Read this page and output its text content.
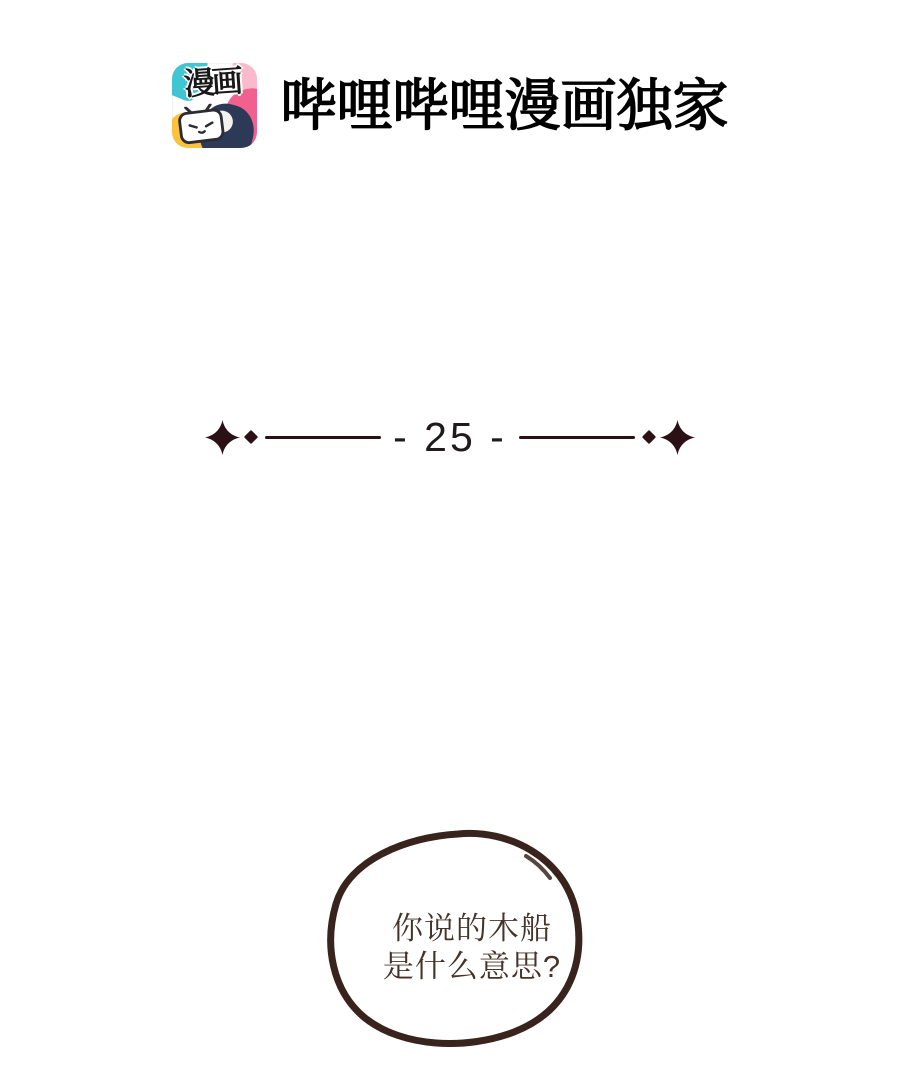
漫画 哔哩哔哩漫画独家
- 25 -
你说的木船
是什么意思?
